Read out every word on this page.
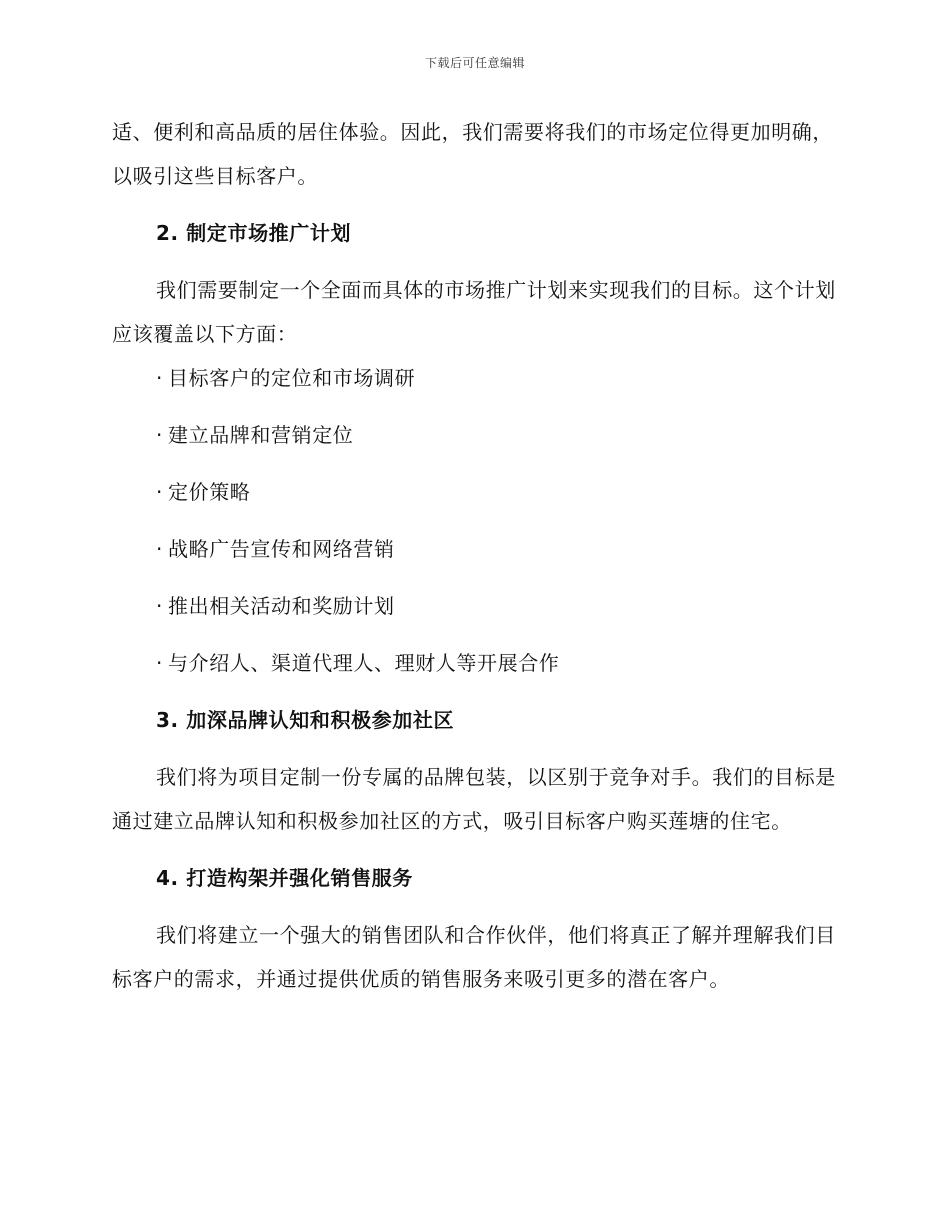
下载后可任意编辑

适、便利和高品质的居住体验。因此，我们需要将我们的市场定位得更加明确，以吸引这些目标客户。

2. 制定市场推广计划

我们需要制定一个全面而具体的市场推广计划来实现我们的目标。这个计划应该覆盖以下方面：

· 目标客户的定位和市场调研
· 建立品牌和营销定位
· 定价策略
· 战略广告宣传和网络营销
· 推出相关活动和奖励计划
· 与介绍人、渠道代理人、理财人等开展合作
3. 加深品牌认知和积极参加社区

我们将为项目定制一份专属的品牌包装，以区别于竞争对手。我们的目标是通过建立品牌认知和积极参加社区的方式，吸引目标客户购买莲塘的住宅。

4. 打造构架并强化销售服务

我们将建立一个强大的销售团队和合作伙伴，他们将真正了解并理解我们目标客户的需求，并通过提供优质的销售服务来吸引更多的潜在客户。
